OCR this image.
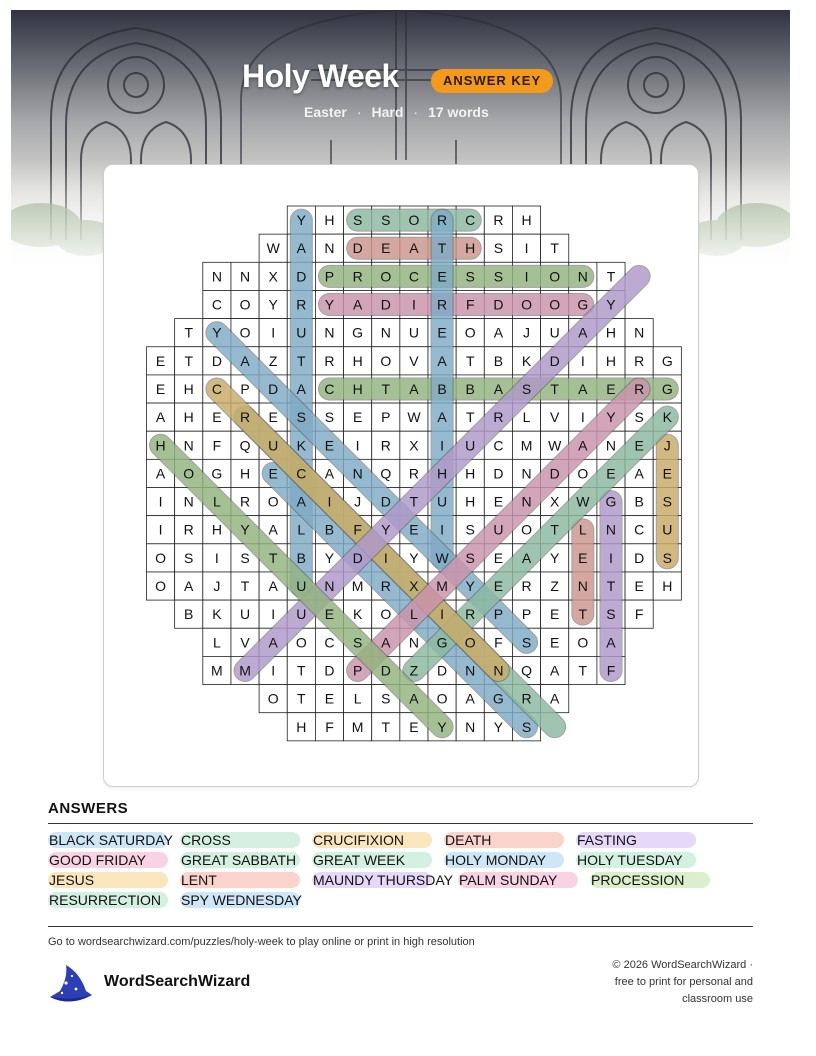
Holy Week	ANSWER KEY
Easter · Hard · 17 words
Y H S S O R C R H
W A N D E A T H S I T
N N X D P R O C E S S I O N T
C O Y R Y A D I R F D O O G Y
T Y O I U N G N U E O A J U A H N
E T D A Z T R H O V A T B K D I H R G
E H C P D A C H T A B B A S T A E R G
A H E R E S S E P W A T R L V I Y S K
H N F Q U K E I R X I U C M W A N E J
A O G H E C A N Q R H H D N D O E A E
I N L R O A I J D T U H E N X W G B S
I R H Y A L B F Y E I S U O T L N C U
O S I S T B Y D I Y W S E A Y E I D S
O A J T A U N M R X M Y E R Z N T E H
B K U I U E K O L I R P P E T S F
L V A O C S A N G O F S E O A
M M I T D P D Z D N N Q A T F
O T E L S A O A G R A
H F M T E Y N Y S
ANSWERS
BLACK SATURDAY CROSS	CRUCIFIXION	DEATH	FASTING
GOOD FRIDAY	GREAT SABBATH GREAT WEEK	HOLY MONDAY HOLY TUESDAY
JESUS	LENT	MAUNDY THURSDAY PALM SUNDAY PROCESSION
RESURRECTION SPY WEDNESDAY
Go to wordsearchwizard.com/puzzles/holy-week to play online or print in high resolution
WordSearchWizard
© 2026 WordSearchWizard ·
free to print for personal and
classroom use
